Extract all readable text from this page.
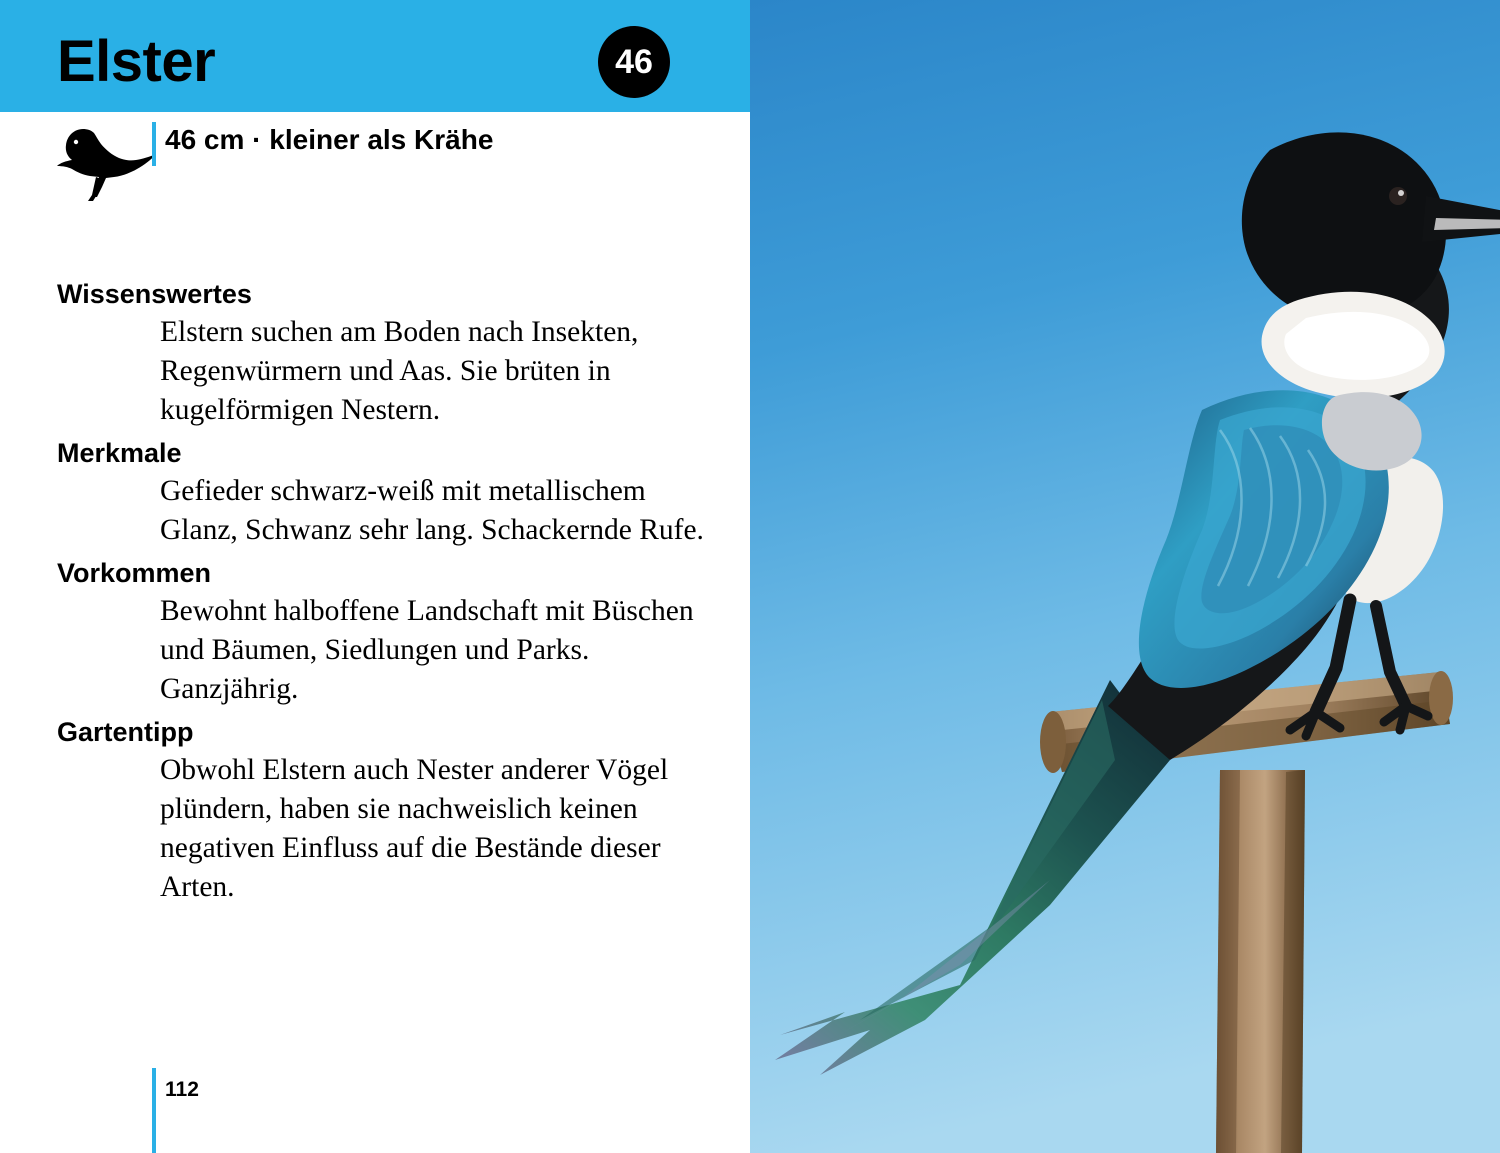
Elster	46
46 cm · kleiner als Krähe
Wissenswertes
Elstern suchen am Boden nach Insekten, Regenwürmern und Aas. Sie brüten in kugelförmigen Nestern.
Merkmale
Gefieder schwarz-weiß mit metallischem Glanz, Schwanz sehr lang. Schackernde Rufe.
Vorkommen
Bewohnt halboffene Landschaft mit Büschen und Bäumen, Siedlungen und Parks. Ganzjährig.
Gartentipp
Obwohl Elstern auch Nester anderer Vögel plündern, haben sie nachweislich keinen negativen Einfluss auf die Bestände dieser Arten.
112
